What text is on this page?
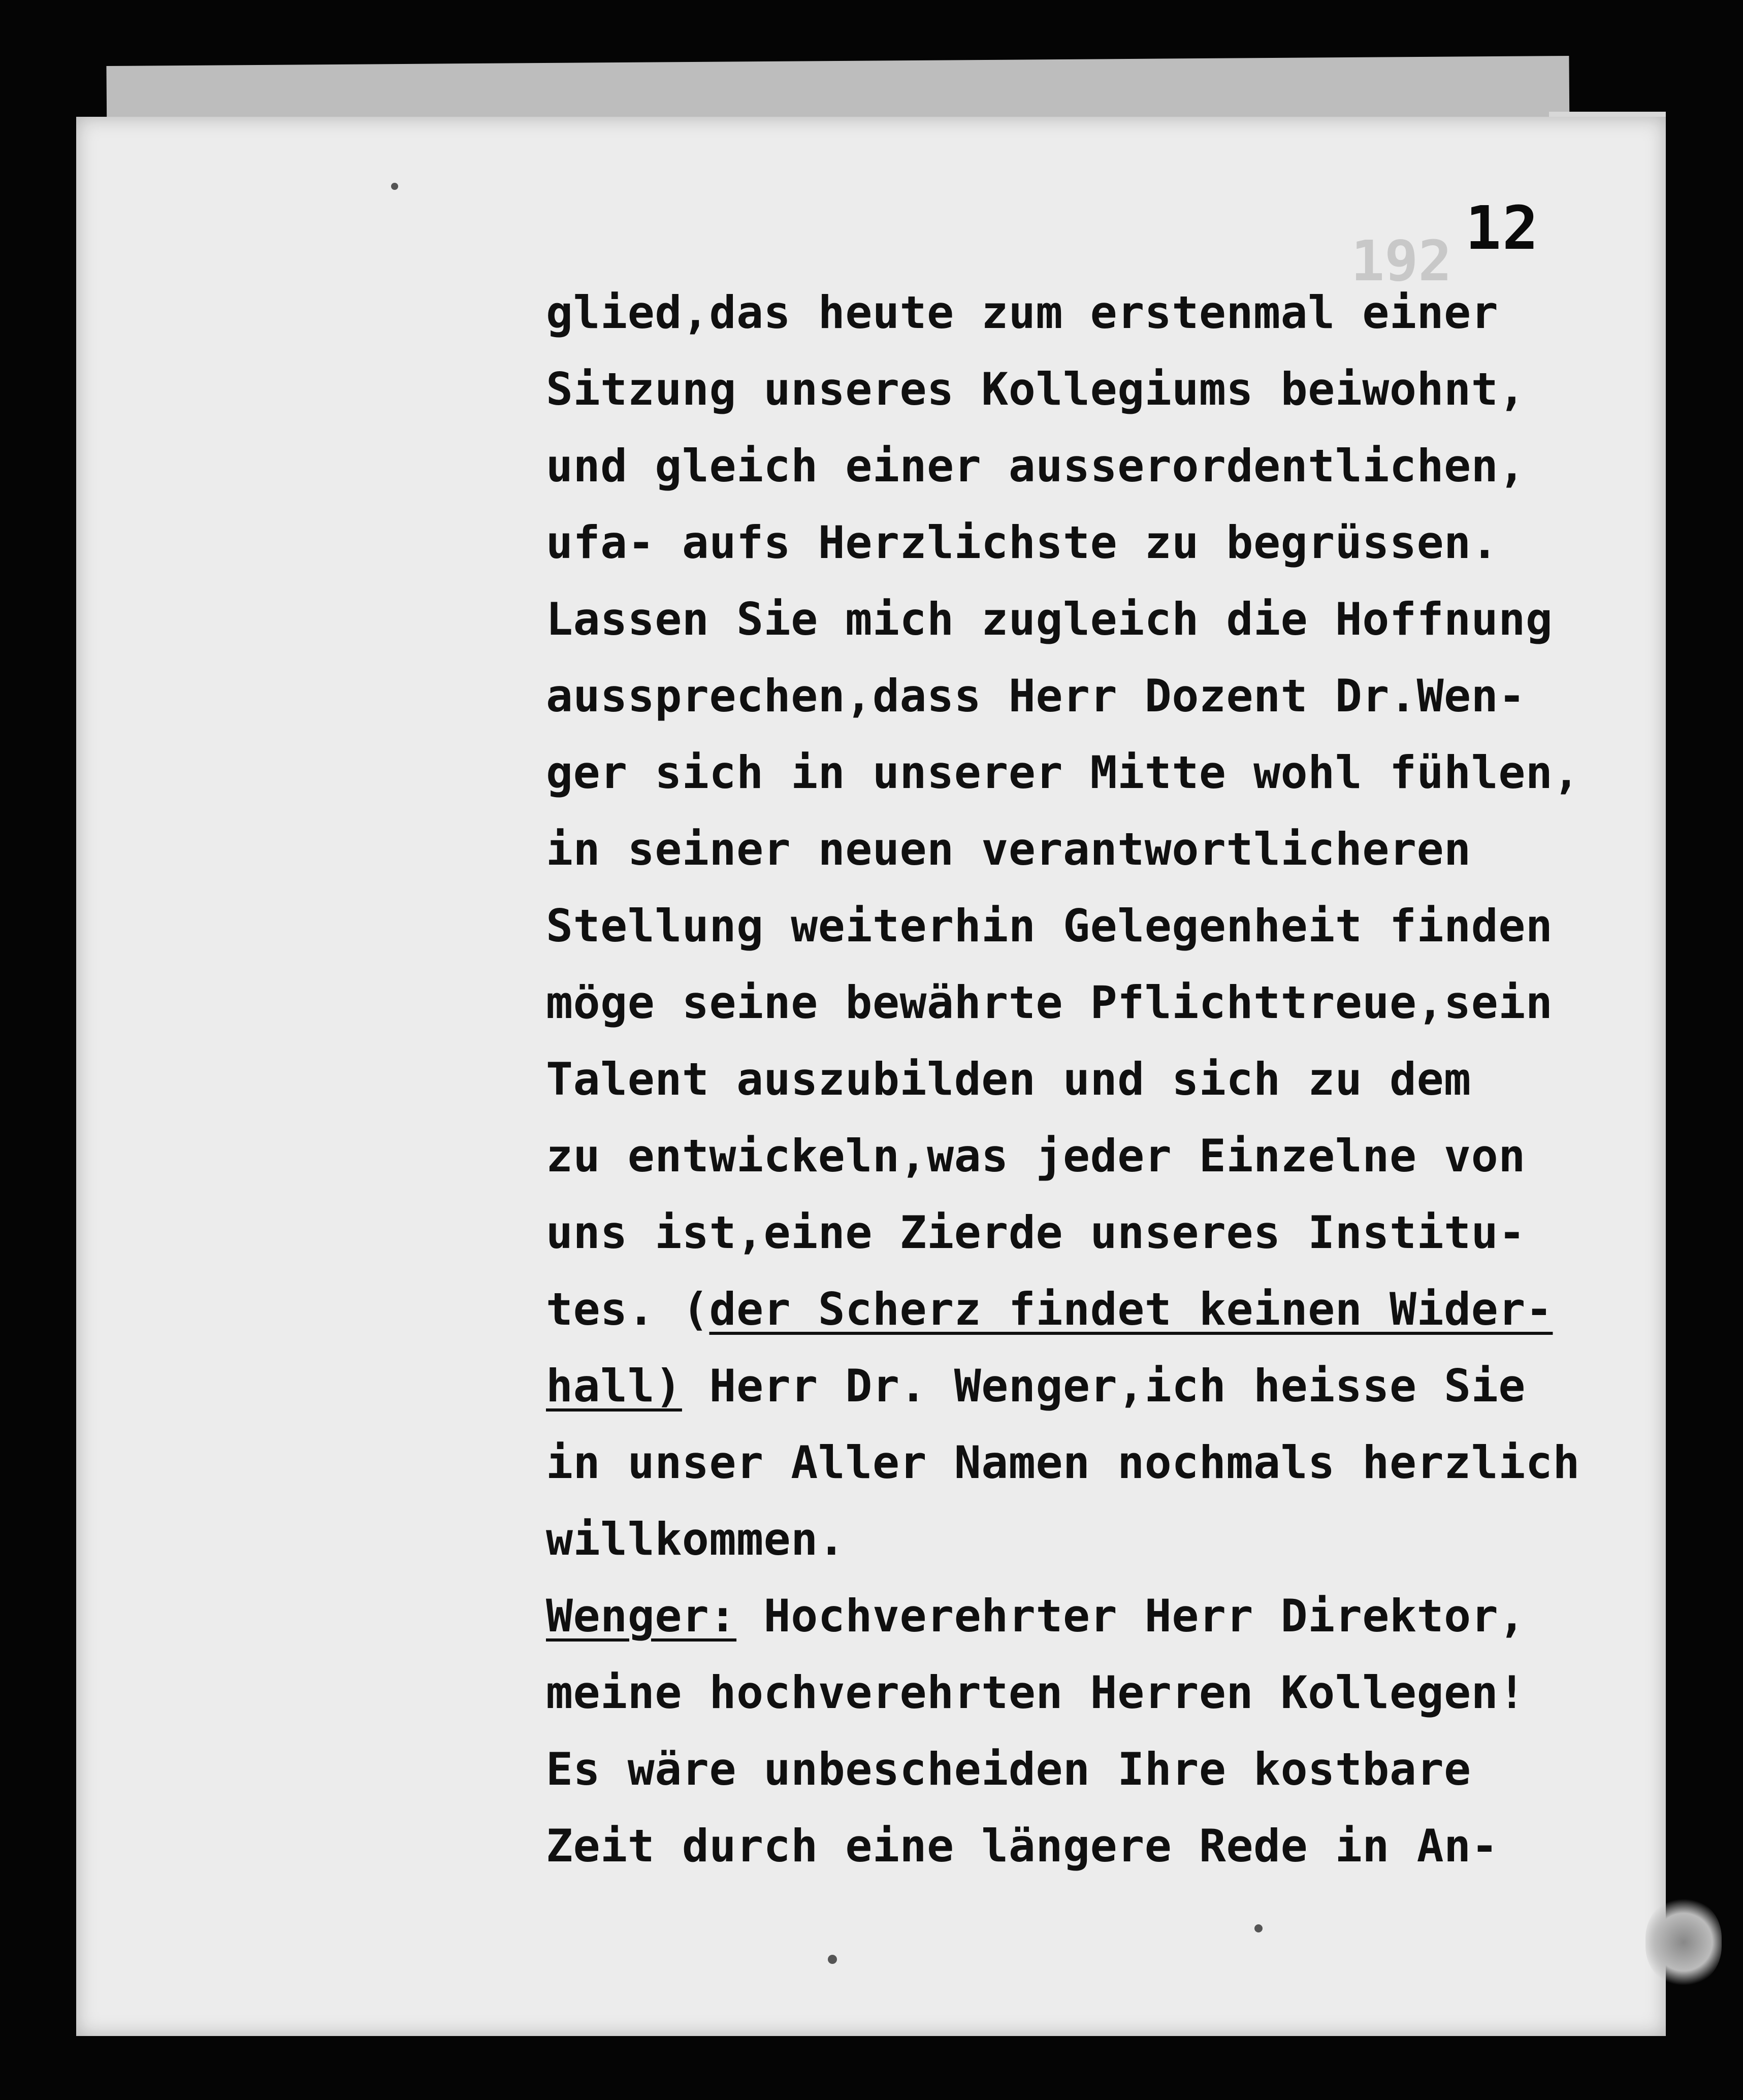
192 12
glied,das heute zum erstenmal einer
Sitzung unseres Kollegiums beiwohnt,
und gleich einer ausserordentlichen,
ufa- aufs Herzlichste zu begrüssen.
Lassen Sie mich zugleich die Hoffnung
aussprechen,dass Herr Dozent Dr.Wen-
ger sich in unserer Mitte wohl fühlen,
in seiner neuen verantwortlicheren
Stellung weiterhin Gelegenheit finden
möge seine bewährte Pflichttreue,sein
Talent auszubilden und sich zu dem
zu entwickeln,was jeder Einzelne von
uns ist,eine Zierde unseres Institu-
tes. (der Scherz findet keinen Wider-
hall) Herr Dr. Wenger,ich heisse Sie
in unser Aller Namen nochmals herzlich
willkommen.
Wenger: Hochverehrter Herr Direktor,
meine hochverehrten Herren Kollegen!
Es wäre unbescheiden Ihre kostbare
Zeit durch eine längere Rede in An-
